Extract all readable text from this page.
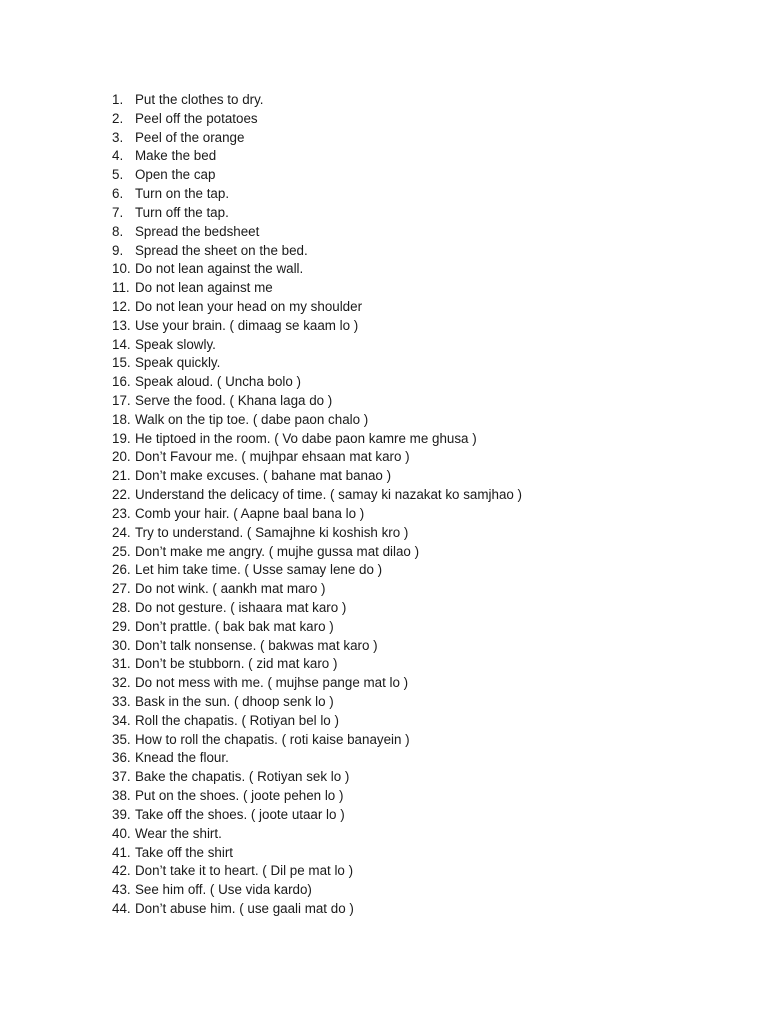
1. Put the clothes to dry.
2. Peel off the potatoes
3. Peel of the orange
4. Make the bed
5. Open the cap
6. Turn on the tap.
7. Turn off the tap.
8. Spread the bedsheet
9. Spread the sheet on the bed.
10. Do not lean against the wall.
11. Do not lean against me
12. Do not lean your head on my shoulder
13. Use your brain. ( dimaag se kaam lo )
14. Speak slowly.
15. Speak quickly.
16. Speak aloud. ( Uncha bolo )
17. Serve the food. ( Khana laga do )
18. Walk on the tip toe. ( dabe paon chalo )
19. He tiptoed in the room. ( Vo dabe paon kamre me ghusa )
20. Don’t Favour me. ( mujhpar ehsaan mat karo )
21. Don’t make excuses. ( bahane mat banao )
22. Understand the delicacy of time. ( samay ki nazakat ko samjhao )
23. Comb your hair. ( Aapne baal bana lo )
24. Try to understand. ( Samajhne ki koshish kro )
25. Don’t make me angry. ( mujhe gussa mat dilao )
26. Let him take time. ( Usse samay lene do )
27. Do not wink. ( aankh mat maro )
28. Do not gesture. ( ishaara mat karo )
29. Don’t prattle. ( bak bak mat karo )
30. Don’t talk nonsense. ( bakwas mat karo )
31. Don’t be stubborn. ( zid mat karo )
32. Do not mess with me. ( mujhse pange mat lo )
33. Bask in the sun. ( dhoop senk lo )
34. Roll the chapatis. ( Rotiyan bel lo )
35. How to roll the chapatis. ( roti kaise banayein )
36. Knead the flour.
37. Bake the chapatis. ( Rotiyan sek lo )
38. Put on the shoes. ( joote pehen lo )
39. Take off the shoes. ( joote utaar lo )
40. Wear the shirt.
41. Take off the shirt
42. Don’t take it to heart. ( Dil pe mat lo )
43. See him off. ( Use vida kardo)
44. Don’t abuse him. ( use gaali mat do )
